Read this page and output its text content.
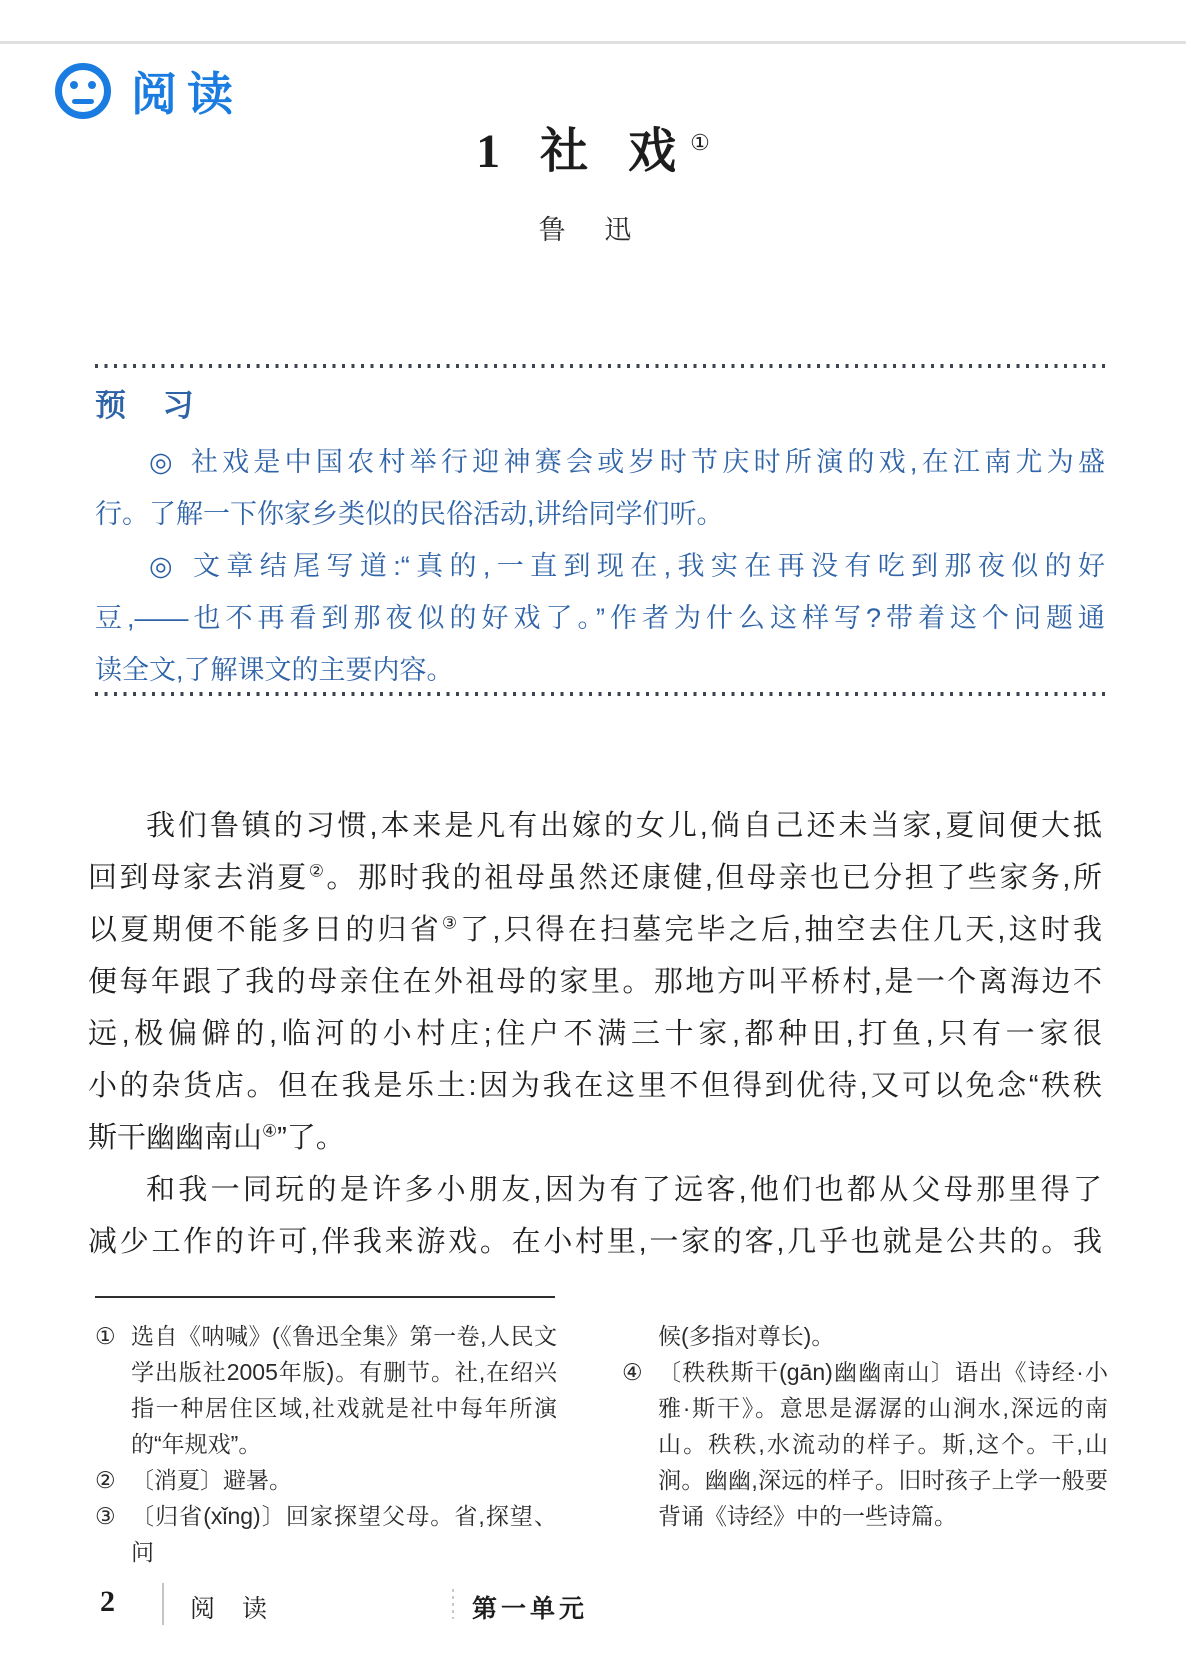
阅读
1 社 戏①
鲁 迅
预 习
◎ 社戏是中国农村举行迎神赛会或岁时节庆时所演的戏,在江南尤为盛
行。了解一下你家乡类似的民俗活动,讲给同学们听。
◎ 文章结尾写道:“真的,一直到现在,我实在再没有吃到那夜似的好
豆,——也不再看到那夜似的好戏了。”作者为什么这样写?带着这个问题通
读全文,了解课文的主要内容。
我们鲁镇的习惯,本来是凡有出嫁的女儿,倘自己还未当家,夏间便大抵
回到母家去消夏②。那时我的祖母虽然还康健,但母亲也已分担了些家务,所
以夏期便不能多日的归省③了,只得在扫墓完毕之后,抽空去住几天,这时我
便每年跟了我的母亲住在外祖母的家里。那地方叫平桥村,是一个离海边不
远,极偏僻的,临河的小村庄;住户不满三十家,都种田,打鱼,只有一家很
小的杂货店。但在我是乐土:因为我在这里不但得到优待,又可以免念“秩秩
斯干幽幽南山④”了。
和我一同玩的是许多小朋友,因为有了远客,他们也都从父母那里得了
减少工作的许可,伴我来游戏。在小村里,一家的客,几乎也就是公共的。我
① 选自《呐喊》(《鲁迅全集》第一卷,人民文学出版社2005年版)。有删节。社,在绍兴指一种居住区域,社戏就是社中每年所演的“年规戏”。
② 〔消夏〕避暑。
③ 〔归省(xǐng)〕回家探望父母。省,探望、问
候(多指对尊长)。
④ 〔秩秩斯干(gān)幽幽南山〕语出《诗经·小雅·斯干》。意思是潺潺的山涧水,深远的南山。秩秩,水流动的样子。斯,这个。干,山涧。幽幽,深远的样子。旧时孩子上学一般要背诵《诗经》中的一些诗篇。
2	阅 读	第一单元
